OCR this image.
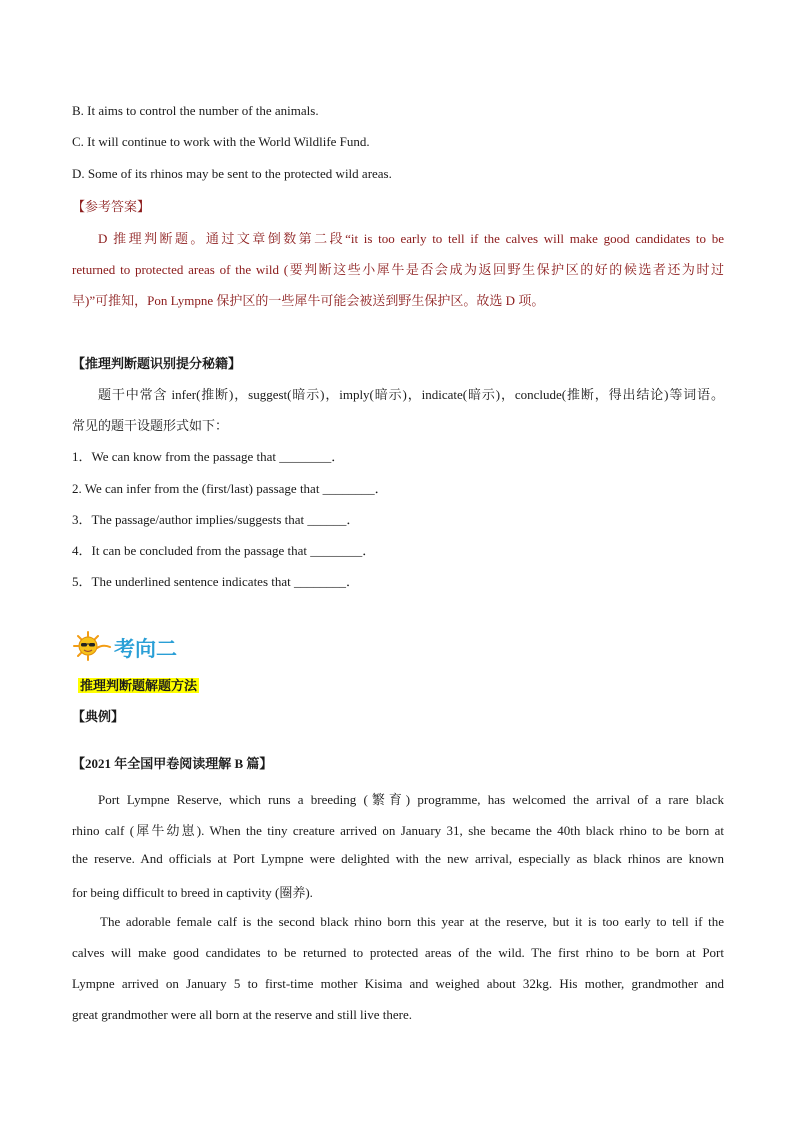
B. It aims to control the number of the animals.
C. It will continue to work with the World Wildlife Fund.
D. Some of its rhinos may be sent to the protected wild areas.
【参考答案】
D 推理判断题。通过文章倒数第二段“it is too early to tell if the calves will make good candidates to be
returned to protected areas of the wild (要判断这些小犀牛是否会成为返回野生保护区的好的候选者还为时过
早)”可推知，Pon Lympne 保护区的一些犀牛可能会被送到野生保护区。故选 D 项。
【推理判断题识别提分秘籍】
题干中常含 infer(推断)，suggest(暗示)，imply(暗示)，indicate(暗示)，conclude(推断，得出结论)等词语。
常见的题干设题形式如下：
1．We can know from the passage that ________．
2. We can infer from the (first/last) passage that ________．
3．The passage/author implies/suggests that ______．
4．It can be concluded from the passage that ________．
5．The underlined sentence indicates that ________．
考向二
推理判断题解题方法
【典例】
【2021 年全国甲卷阅读理解 B 篇】
Port Lympne Reserve, which runs a breeding (繁育) programme, has welcomed the arrival of a rare black
rhino calf (犀牛幼崽). When the tiny creature arrived on January 31, she became the 40th black rhino to be born at
the reserve. And officials at Port Lympne were delighted with the new arrival, especially as black rhinos are known
for being difficult to breed in captivity (圈养).
The adorable female calf is the second black rhino born this year at the reserve, but it is too early to tell if the
calves will make good candidates to be returned to protected areas of the wild. The first rhino to be born at Port
Lympne arrived on January 5 to first-time mother Kisima and weighed about 32kg. His mother, grandmother and
great grandmother were all born at the reserve and still live there.
